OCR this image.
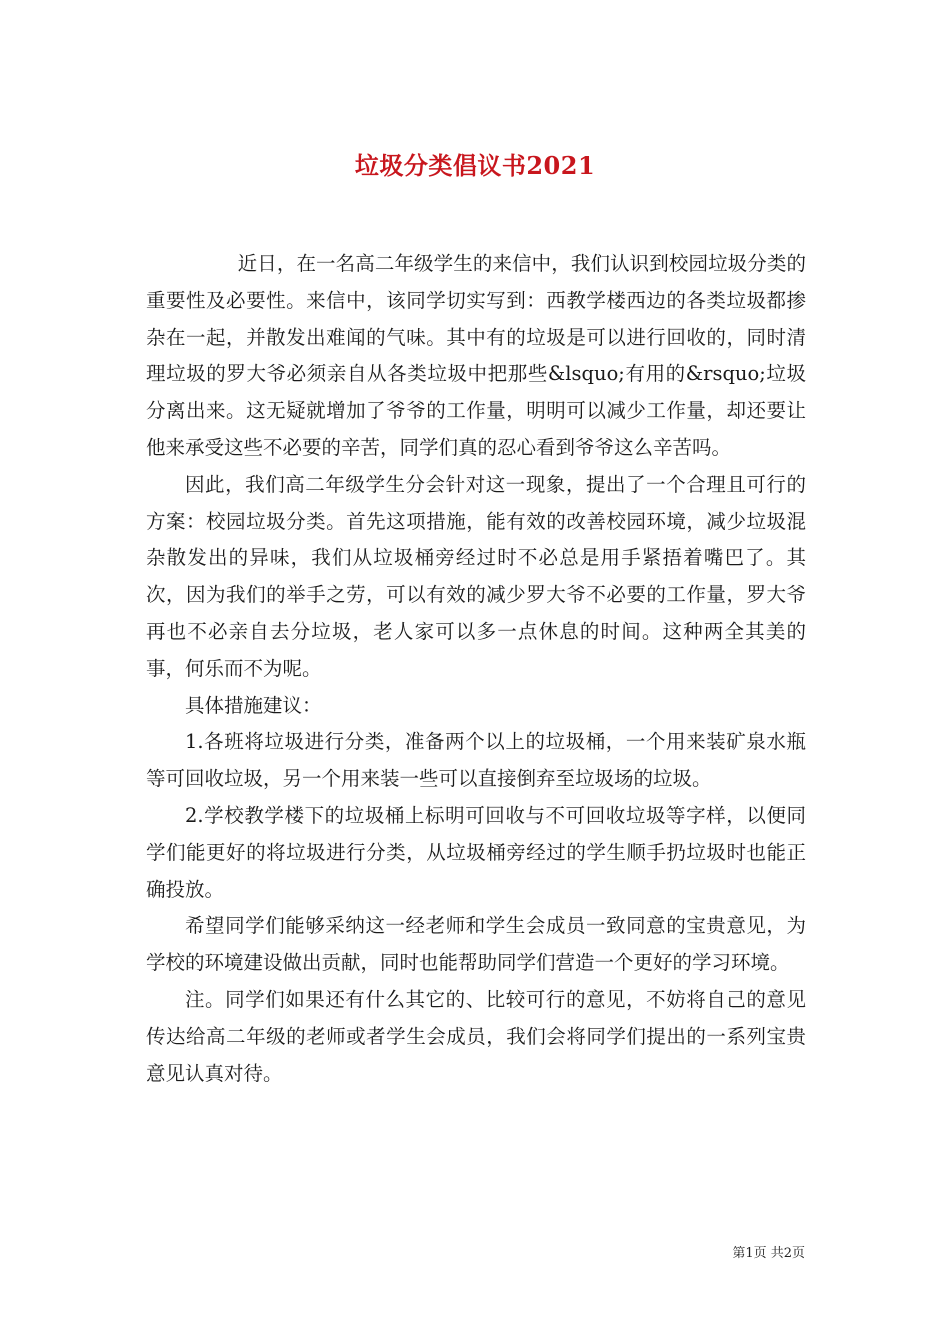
垃圾分类倡议书2021

近日，在一名高二年级学生的来信中，我们认识到校园垃圾分类的重要性及必要性。来信中，该同学切实写到：西教学楼西边的各类垃圾都掺杂在一起，并散发出难闻的气味。其中有的垃圾是可以进行回收的，同时清理垃圾的罗大爷必须亲自从各类垃圾中把那些&lsquo;有用的&rsquo;垃圾分离出来。这无疑就增加了爷爷的工作量，明明可以减少工作量，却还要让他来承受这些不必要的辛苦，同学们真的忍心看到爷爷这么辛苦吗。

因此，我们高二年级学生分会针对这一现象，提出了一个合理且可行的方案：校园垃圾分类。首先这项措施，能有效的改善校园环境，减少垃圾混杂散发出的异味，我们从垃圾桶旁经过时不必总是用手紧捂着嘴巴了。其次，因为我们的举手之劳，可以有效的减少罗大爷不必要的工作量，罗大爷再也不必亲自去分垃圾，老人家可以多一点休息的时间。这种两全其美的事，何乐而不为呢。

具体措施建议：

1.各班将垃圾进行分类，准备两个以上的垃圾桶，一个用来装矿泉水瓶等可回收垃圾，另一个用来装一些可以直接倒弃至垃圾场的垃圾。

2.学校教学楼下的垃圾桶上标明可回收与不可回收垃圾等字样，以便同学们能更好的将垃圾进行分类，从垃圾桶旁经过的学生顺手扔垃圾时也能正确投放。

希望同学们能够采纳这一经老师和学生会成员一致同意的宝贵意见，为学校的环境建设做出贡献，同时也能帮助同学们营造一个更好的学习环境。

注。同学们如果还有什么其它的、比较可行的意见，不妨将自己的意见传达给高二年级的老师或者学生会成员，我们会将同学们提出的一系列宝贵意见认真对待。

第1页 共2页
